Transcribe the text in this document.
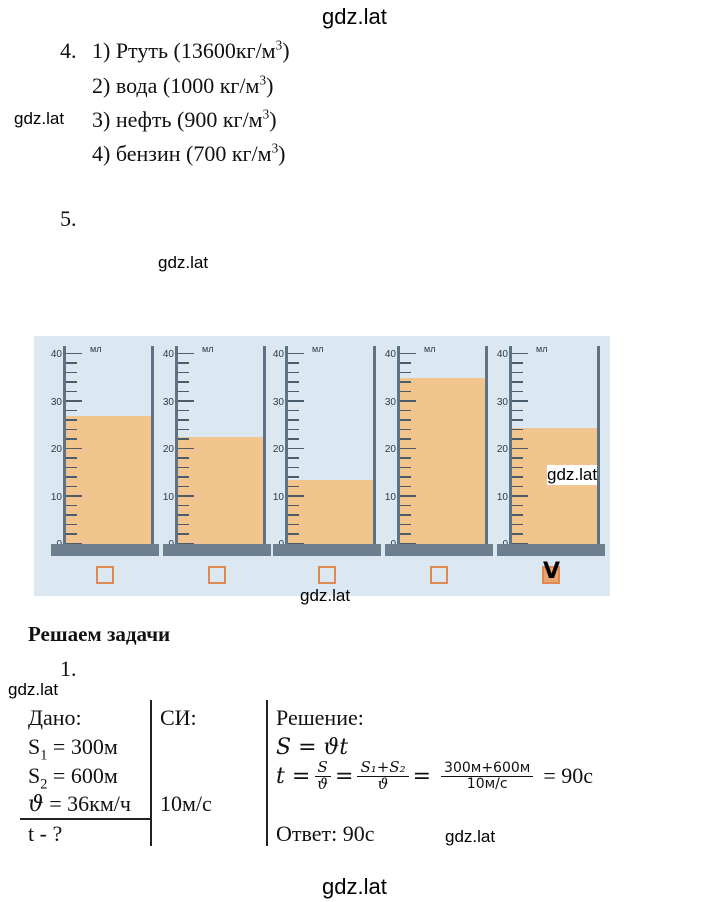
gdz.lat
gdz.lat
gdz.lat
gdz.lat
gdz.lat
gdz.lat
gdz.lat
gdz.lat
4. 1) Ртуть $(13600кг/м^3)$
2) вода (1000 $кг/м^3$)
3) нефть (900 $кг/м^3$)
4) бензин (700 $кг/м^3$)
5.
10
20
30
40	мл
10
20
30
40	мл
10
20
30
40	мл
10
20
30
40	мл
10
20
30
40	мл
V
Решаем задачи
1.
Дано:	СИ:	Решение:
$S_1 = 300м$
$S_2 = 600м$
ϑ = 36км/ч 10м/с
t - ?
S = ϑt
$t = \frac{S}{ϑ} = \frac{\text{S₁+S₂}}{ϑ} = \frac{300м+600м}{10м/с} = 90с$
Ответ: 90с
